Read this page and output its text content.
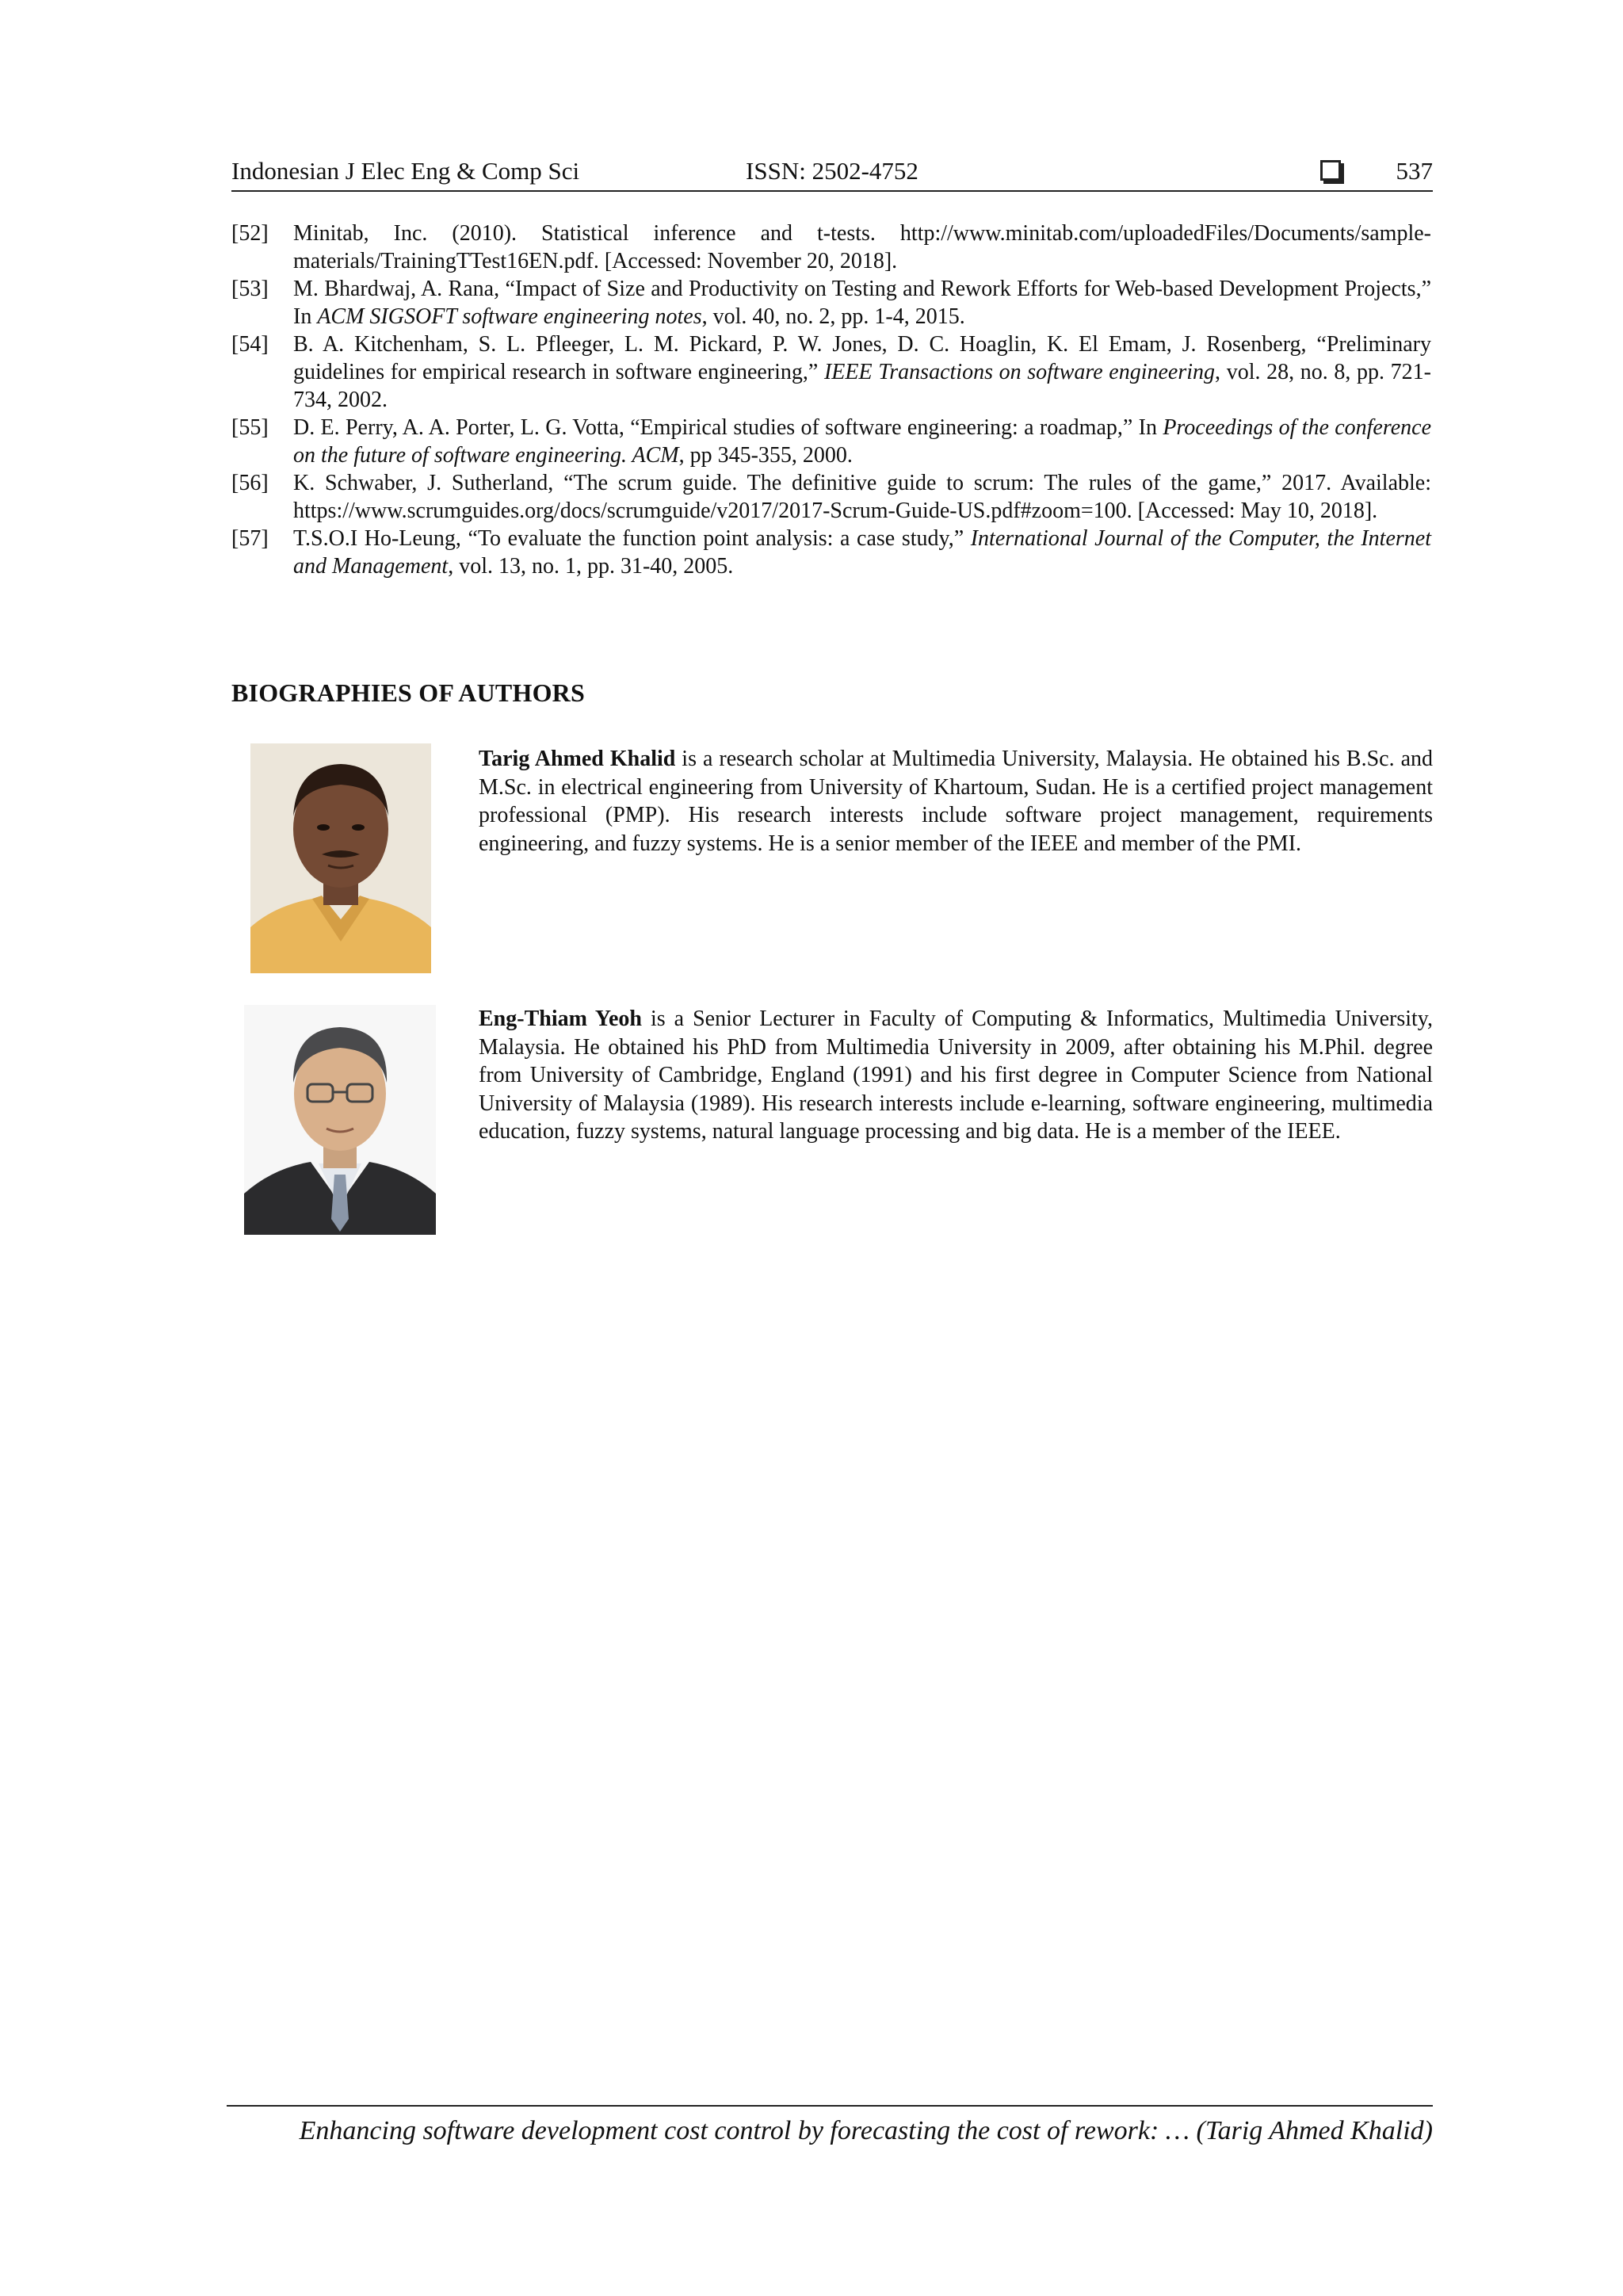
Indonesian J Elec Eng & Comp Sci	ISSN: 2502-4752	537
[52] Minitab, Inc. (2010). Statistical inference and t-tests. http://www.minitab.com/uploadedFiles/Documents/sample-materials/TrainingTTest16EN.pdf. [Accessed: November 20, 2018].
[53] M. Bhardwaj, A. Rana, “Impact of Size and Productivity on Testing and Rework Efforts for Web-based Development Projects,” In ACM SIGSOFT software engineering notes, vol. 40, no. 2, pp. 1-4, 2015.
[54] B. A. Kitchenham, S. L. Pfleeger, L. M. Pickard, P. W. Jones, D. C. Hoaglin, K. El Emam, J. Rosenberg, “Preliminary guidelines for empirical research in software engineering,” IEEE Transactions on software engineering, vol. 28, no. 8, pp. 721-734, 2002.
[55] D. E. Perry, A. A. Porter, L. G. Votta, “Empirical studies of software engineering: a roadmap,” In Proceedings of the conference on the future of software engineering. ACM, pp 345-355, 2000.
[56] K. Schwaber, J. Sutherland, “The scrum guide. The definitive guide to scrum: The rules of the game,” 2017. Available: https://www.scrumguides.org/docs/scrumguide/v2017/2017-Scrum-Guide-US.pdf#zoom=100. [Accessed: May 10, 2018].
[57] T.S.O.I Ho-Leung, “To evaluate the function point analysis: a case study,” International Journal of the Computer, the Internet and Management, vol. 13, no. 1, pp. 31-40, 2005.
BIOGRAPHIES OF AUTHORS

Tarig Ahmed Khalid is a research scholar at Multimedia University, Malaysia. He obtained his B.Sc. and M.Sc. in electrical engineering from University of Khartoum, Sudan. He is a certified project management professional (PMP). His research interests include software project management, requirements engineering, and fuzzy systems. He is a senior member of the IEEE and member of the PMI.

Eng-Thiam Yeoh is a Senior Lecturer in Faculty of Computing & Informatics, Multimedia University, Malaysia. He obtained his PhD from Multimedia University in 2009, after obtaining his M.Phil. degree from University of Cambridge, England (1991) and his first degree in Computer Science from National University of Malaysia (1989). His research interests include e-learning, software engineering, multimedia education, fuzzy systems, natural language processing and big data. He is a member of the IEEE.

Enhancing software development cost control by forecasting the cost of rework: … (Tarig Ahmed Khalid)
